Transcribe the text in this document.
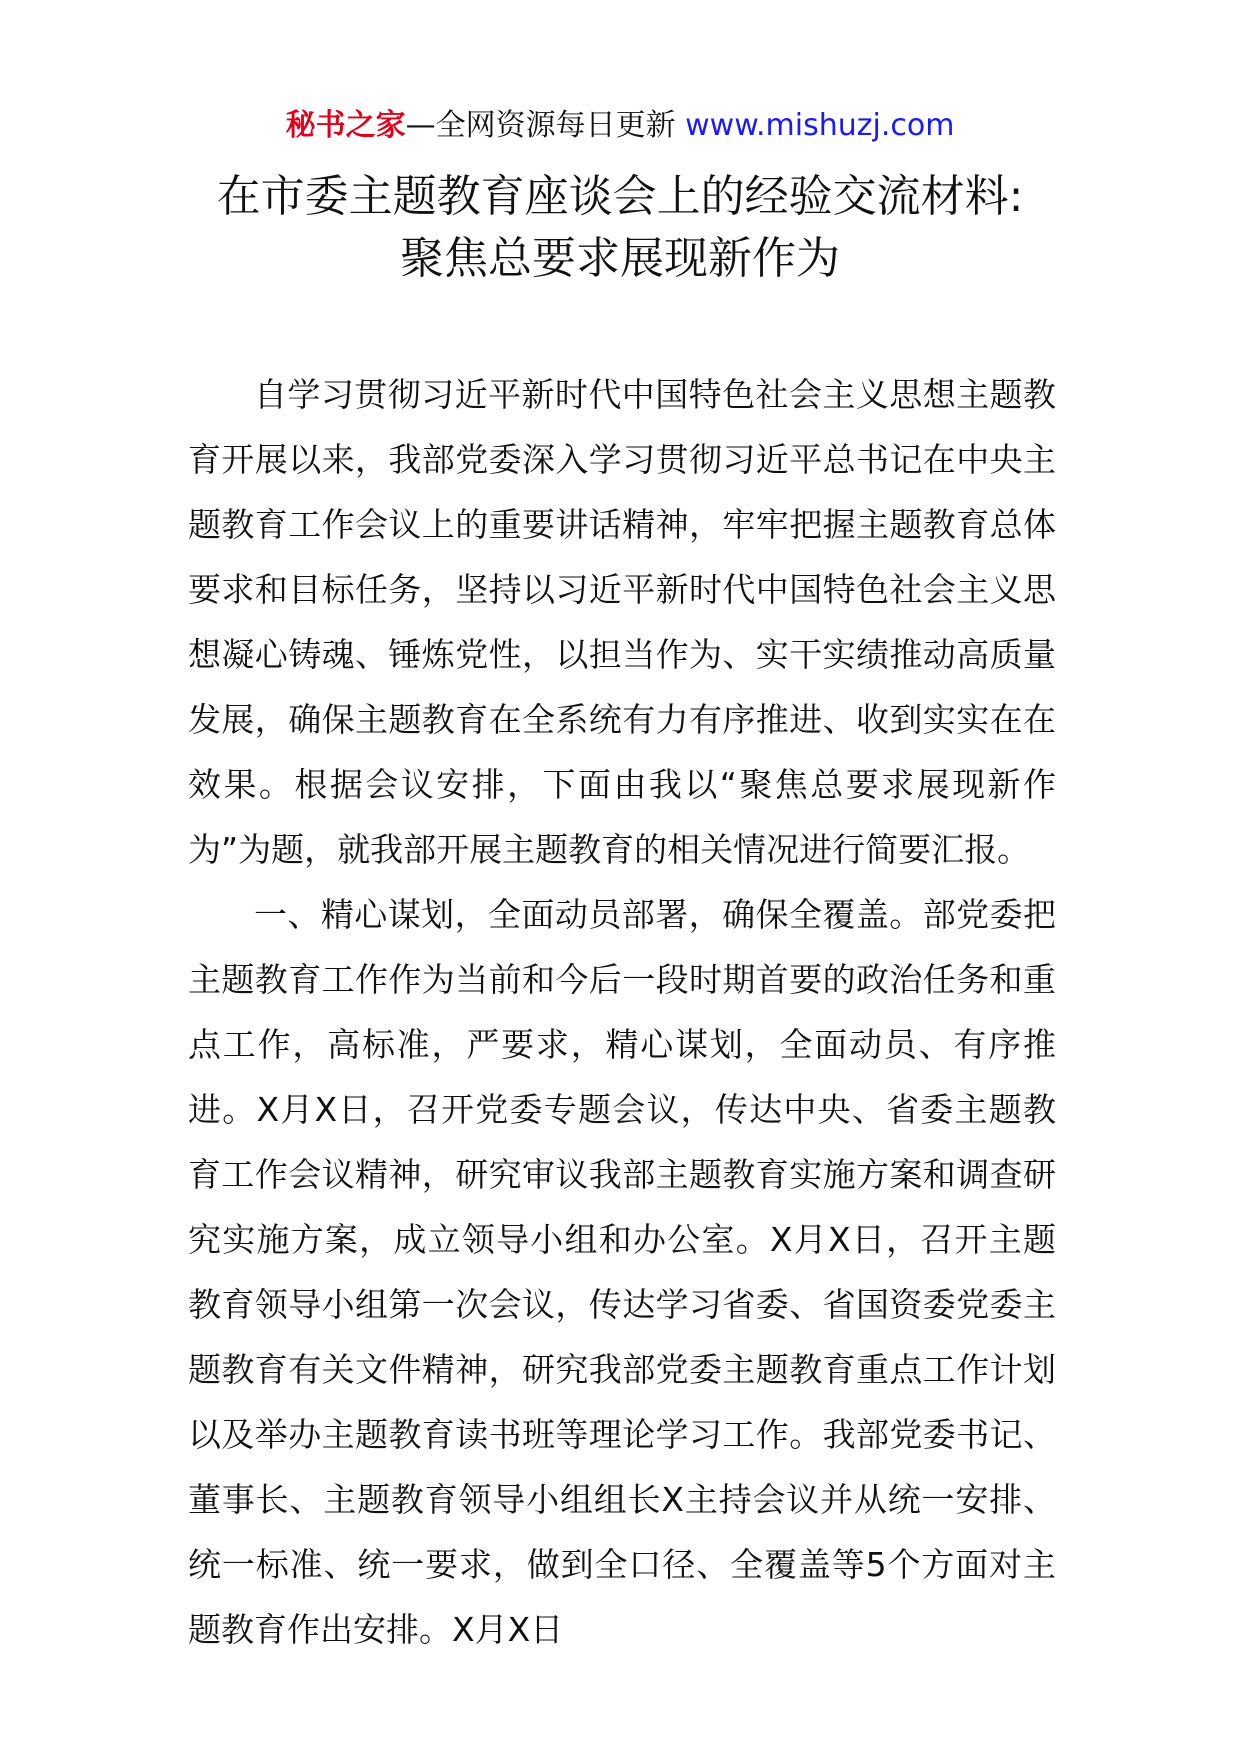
秘书之家—全网资源每日更新 www.mishuzj.com
在市委主题教育座谈会上的经验交流材料:
聚焦总要求展现新作为

自学习贯彻习近平新时代中国特色社会主义思想主题教育开展以来，我部党委深入学习贯彻习近平总书记在中央主题教育工作会议上的重要讲话精神，牢牢把握主题教育总体要求和目标任务，坚持以习近平新时代中国特色社会主义思想凝心铸魂、锤炼党性，以担当作为、实干实绩推动高质量发展，确保主题教育在全系统有力有序推进、收到实实在在效果。根据会议安排，下面由我以“聚焦总要求展现新作为”为题，就我部开展主题教育的相关情况进行简要汇报。

一、精心谋划，全面动员部署，确保全覆盖。部党委把主题教育工作作为当前和今后一段时期首要的政治任务和重点工作，高标准，严要求，精心谋划，全面动员、有序推进。X月X日，召开党委专题会议，传达中央、省委主题教育工作会议精神，研究审议我部主题教育实施方案和调查研究实施方案，成立领导小组和办公室。X月X日，召开主题教育领导小组第一次会议，传达学习省委、省国资委党委主题教育有关文件精神，研究我部党委主题教育重点工作计划以及举办主题教育读书班等理论学习工作。我部党委书记、董事长、主题教育领导小组组长X主持会议并从统一安排、统一标准、统一要求，做到全口径、全覆盖等5个方面对主题教育作出安排。X月X日
